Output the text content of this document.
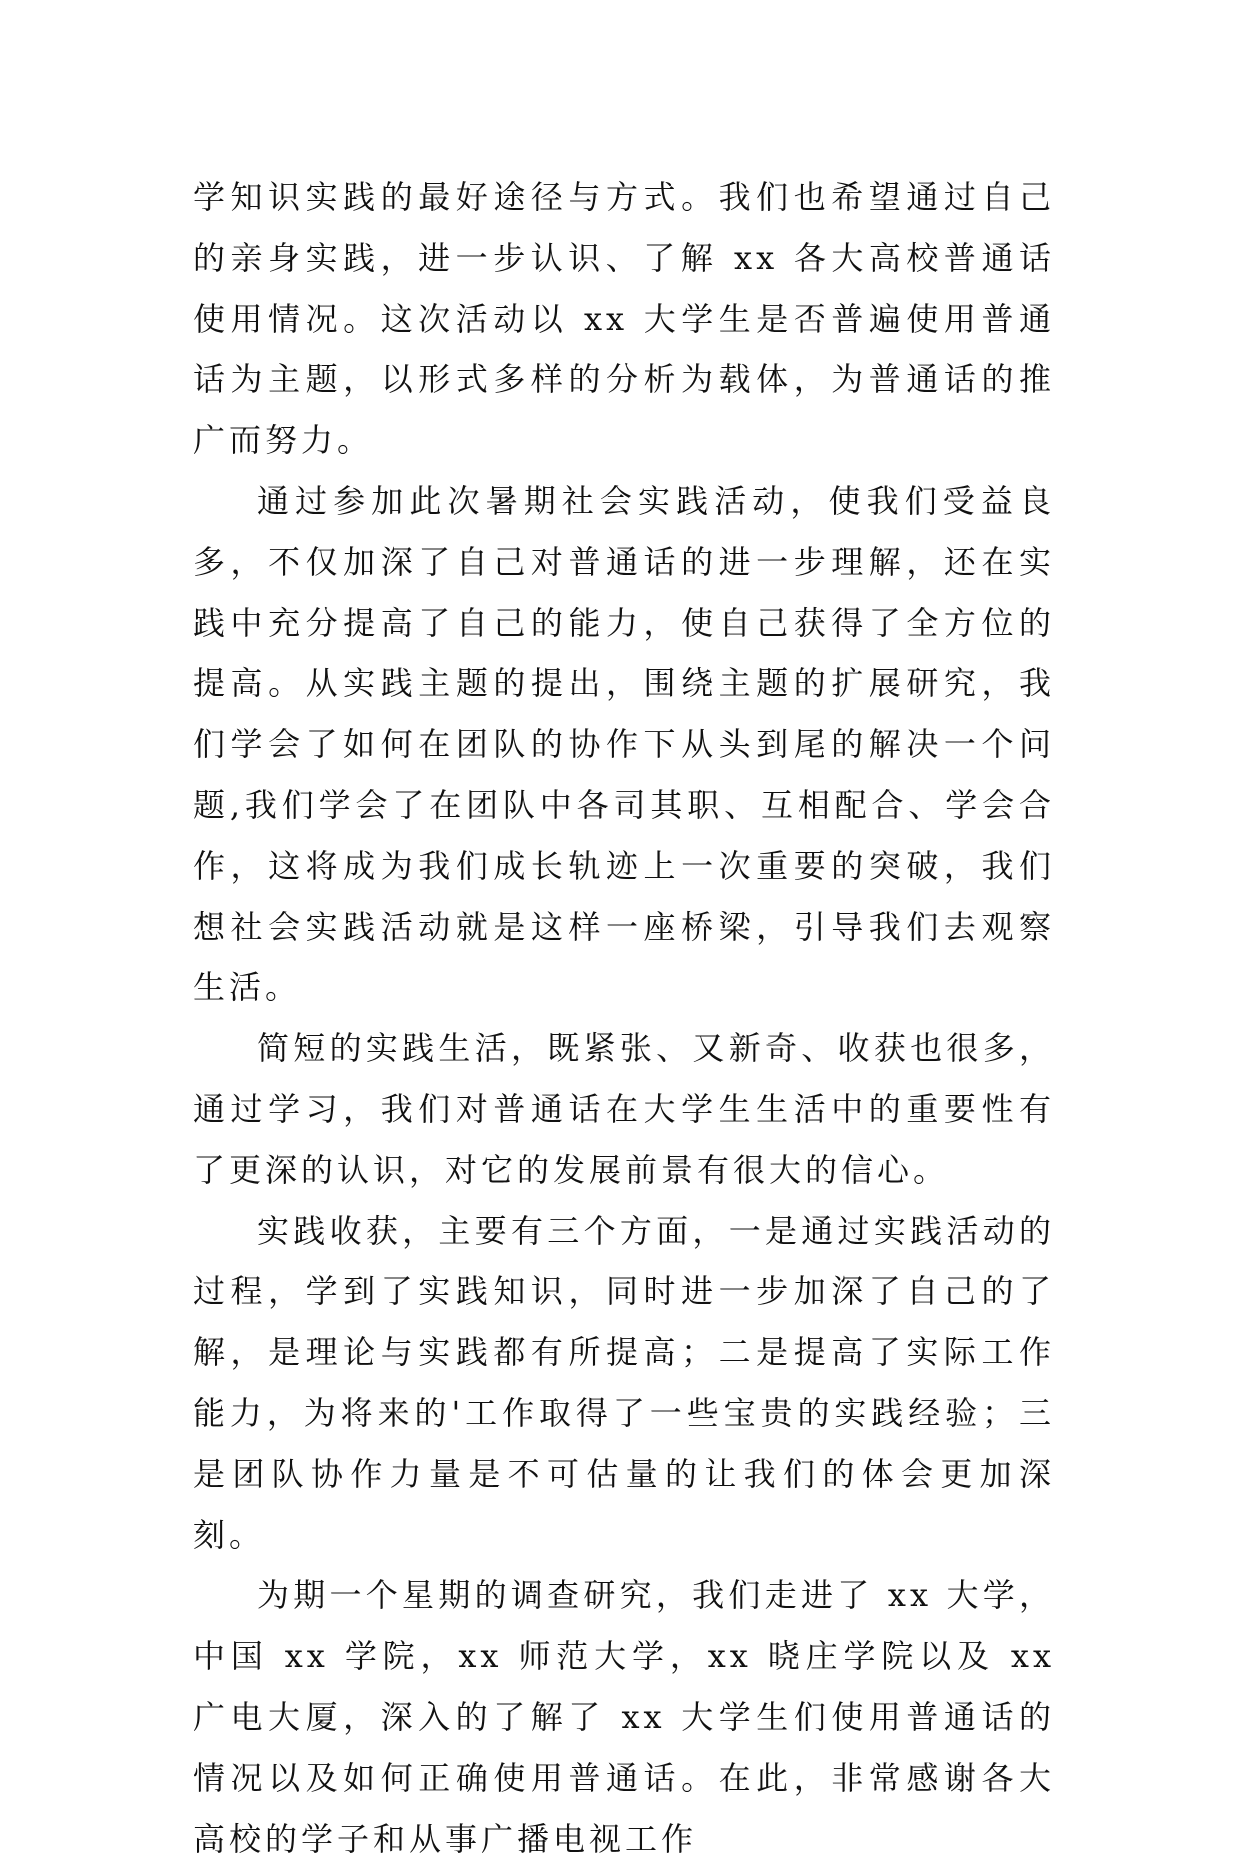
学知识实践的最好途径与方式。我们也希望通过自己的亲身实践，进一步认识、了解 xx 各大高校普通话使用情况。这次活动以 xx 大学生是否普遍使用普通话为主题，以形式多样的分析为载体，为普通话的推广而努力。

通过参加此次暑期社会实践活动，使我们受益良多，不仅加深了自己对普通话的进一步理解，还在实践中充分提高了自己的能力，使自己获得了全方位的提高。从实践主题的提出，围绕主题的扩展研究，我们学会了如何在团队的协作下从头到尾的解决一个问题,我们学会了在团队中各司其职、互相配合、学会合作，这将成为我们成长轨迹上一次重要的突破，我们想社会实践活动就是这样一座桥梁，引导我们去观察生活。

简短的实践生活，既紧张、又新奇、收获也很多，通过学习，我们对普通话在大学生生活中的重要性有了更深的认识，对它的发展前景有很大的信心。

实践收获，主要有三个方面，一是通过实践活动的过程，学到了实践知识，同时进一步加深了自己的了解，是理论与实践都有所提高；二是提高了实际工作能力，为将来的'工作取得了一些宝贵的实践经验；三是团队协作力量是不可估量的让我们的体会更加深刻。

为期一个星期的调查研究，我们走进了 xx 大学，中国 xx 学院，xx 师范大学，xx 晓庄学院以及 xx 广电大厦，深入的了解了 xx 大学生们使用普通话的情况以及如何正确使用普通话。在此，非常感谢各大高校的学子和从事广播电视工作
